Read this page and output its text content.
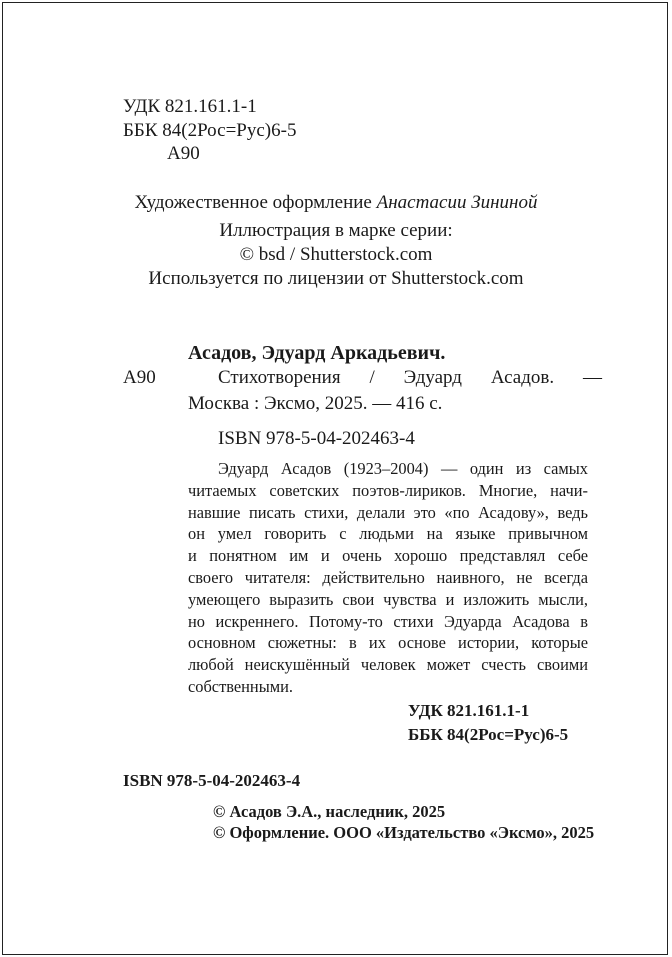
УДК 821.161.1-1
ББК 84(2Рос=Рус)6-5
А90
Художественное оформление Анастасии Зининой
Иллюстрация в марке серии:
© bsd / Shutterstock.com
Используется по лицензии от Shutterstock.com
Асадов, Эдуард Аркадьевич.
А90	Стихотворения / Эдуард Асадов. —
Москва : Эксмо, 2025. — 416 с.
ISBN 978-5-04-202463-4
Эдуард Асадов (1923–2004) — один из самых
читаемых советских поэтов-лириков. Многие, начи-
навшие писать стихи, делали это «по Асадову», ведь
он умел говорить с людьми на языке привычном
и понятном им и очень хорошо представлял себе
своего читателя: действительно наивного, не всегда
умеющего выразить свои чувства и изложить мысли,
но искреннего. Потому-то стихи Эдуарда Асадова в
основном сюжетны: в их основе истории, которые
любой неискушённый человек может счесть своими
собственными.
УДК 821.161.1-1
ББК 84(2Рос=Рус)6-5
ISBN 978-5-04-202463-4
© Асадов Э.А., наследник, 2025
© Оформление. ООО «Издательство «Эксмо», 2025
